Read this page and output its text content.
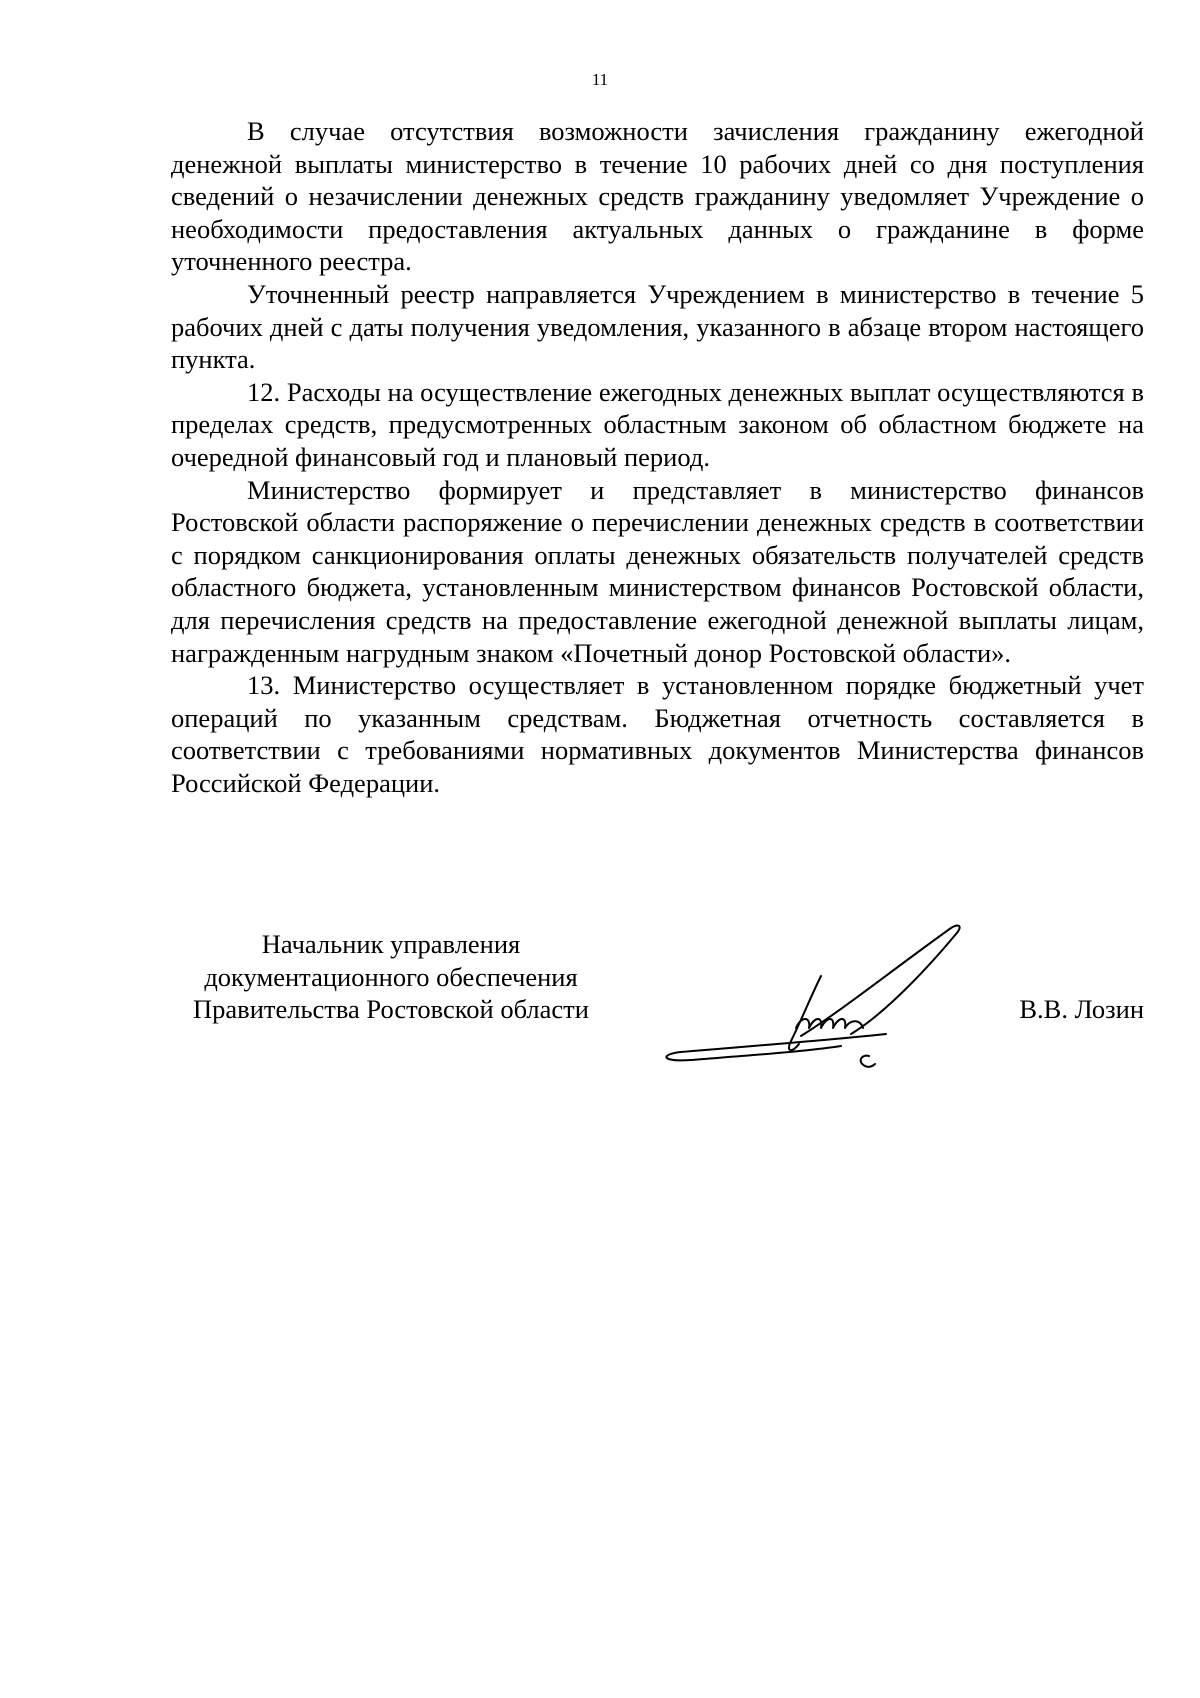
11

В случае отсутствия возможности зачисления гражданину ежегодной денежной выплаты министерство в течение 10 рабочих дней со дня поступления сведений о незачислении денежных средств гражданину уведомляет Учреждение о необходимости предоставления актуальных данных о гражданине в форме уточненного реестра.

Уточненный реестр направляется Учреждением в министерство в течение 5 рабочих дней с даты получения уведомления, указанного в абзаце втором настоящего пункта.

12. Расходы на осуществление ежегодных денежных выплат осуществляются в пределах средств, предусмотренных областным законом об областном бюджете на очередной финансовый год и плановый период.

Министерство формирует и представляет в министерство финансов Ростовской области распоряжение о перечислении денежных средств в соответствии с порядком санкционирования оплаты денежных обязательств получателей средств областного бюджета, установленным министерством финансов Ростовской области, для перечисления средств на предоставление ежегодной денежной выплаты лицам, награжденным нагрудным знаком «Почетный донор Ростовской области».

13. Министерство осуществляет в установленном порядке бюджетный учет операций по указанным средствам. Бюджетная отчетность составляется в соответствии с требованиями нормативных документов Министерства финансов Российской Федерации.

Начальник управления
документационного обеспечения
Правительства Ростовской области	В.В. Лозин
